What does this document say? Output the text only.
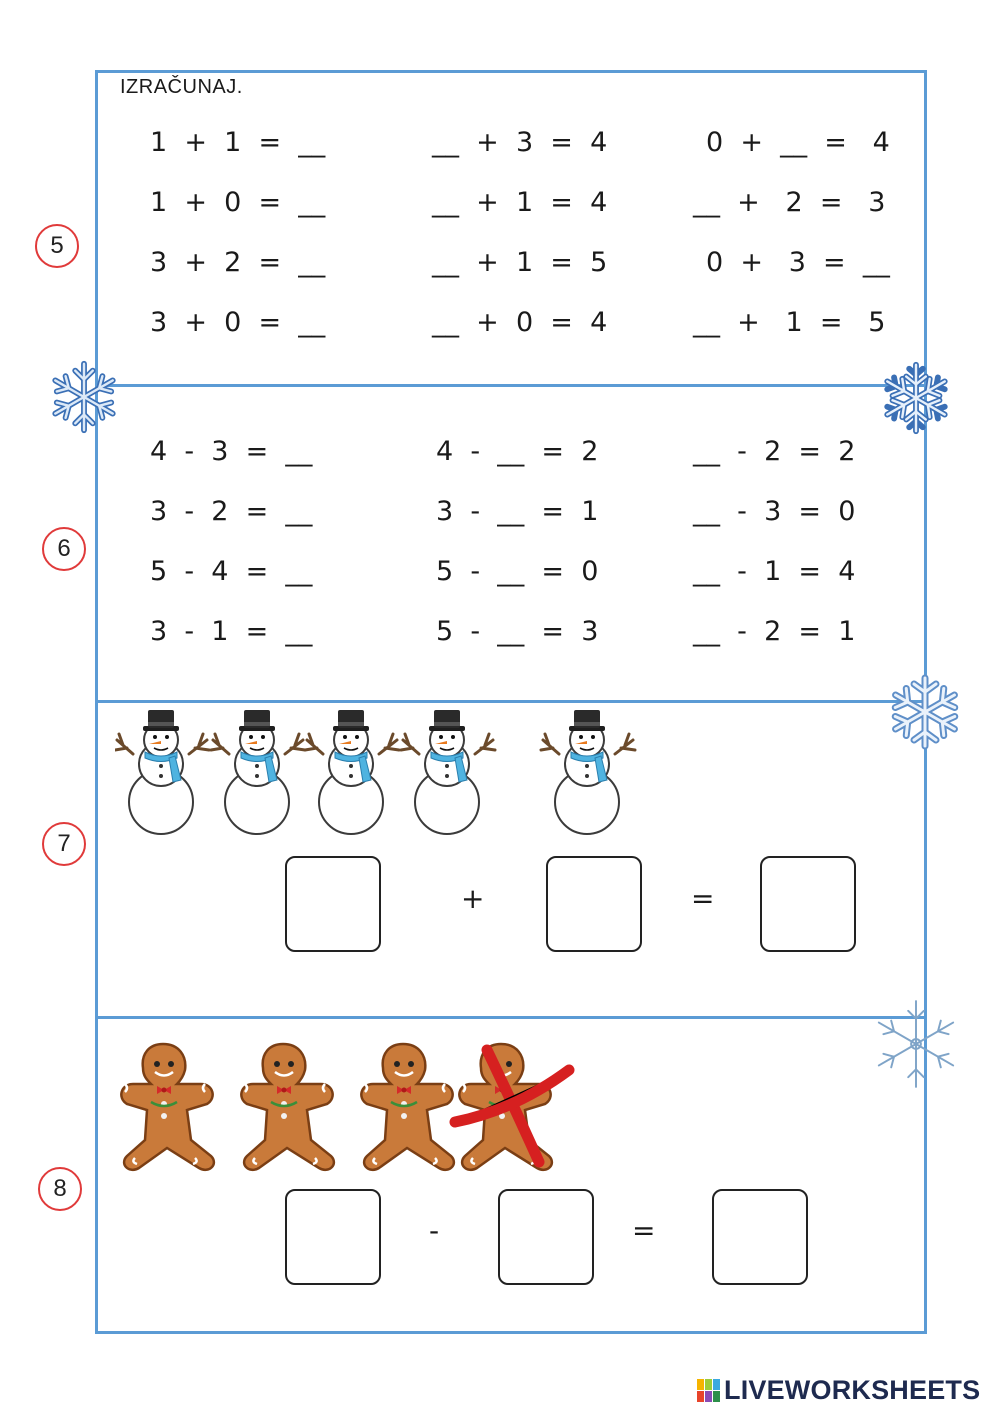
IZRAČUNAJ.
5
6
7
8
1  +  1  =  __	__  +  3  =  4	0  +  __  =   4
1  +  0  =  __	__  +  1  =  4	__  +   2  =   3
3  +  2  =  __	__  +  1  =  5	0  +   3  =  __
3  +  0  =  __	__  +  0  =  4	__  +   1  =   5
4  -  3  =  __	4  -  __  =  2	__  -  2  =  2
3  -  2  =  __	3  -  __  =  1	__  -  3  =  0
5  -  4  =  __	5  -  __  =  0	__  -  1  =  4
3  -  1  =  __	5  -  __  =  3	__  -  2  =  1
+	=
-	=
LIVEWORKSHEETS
